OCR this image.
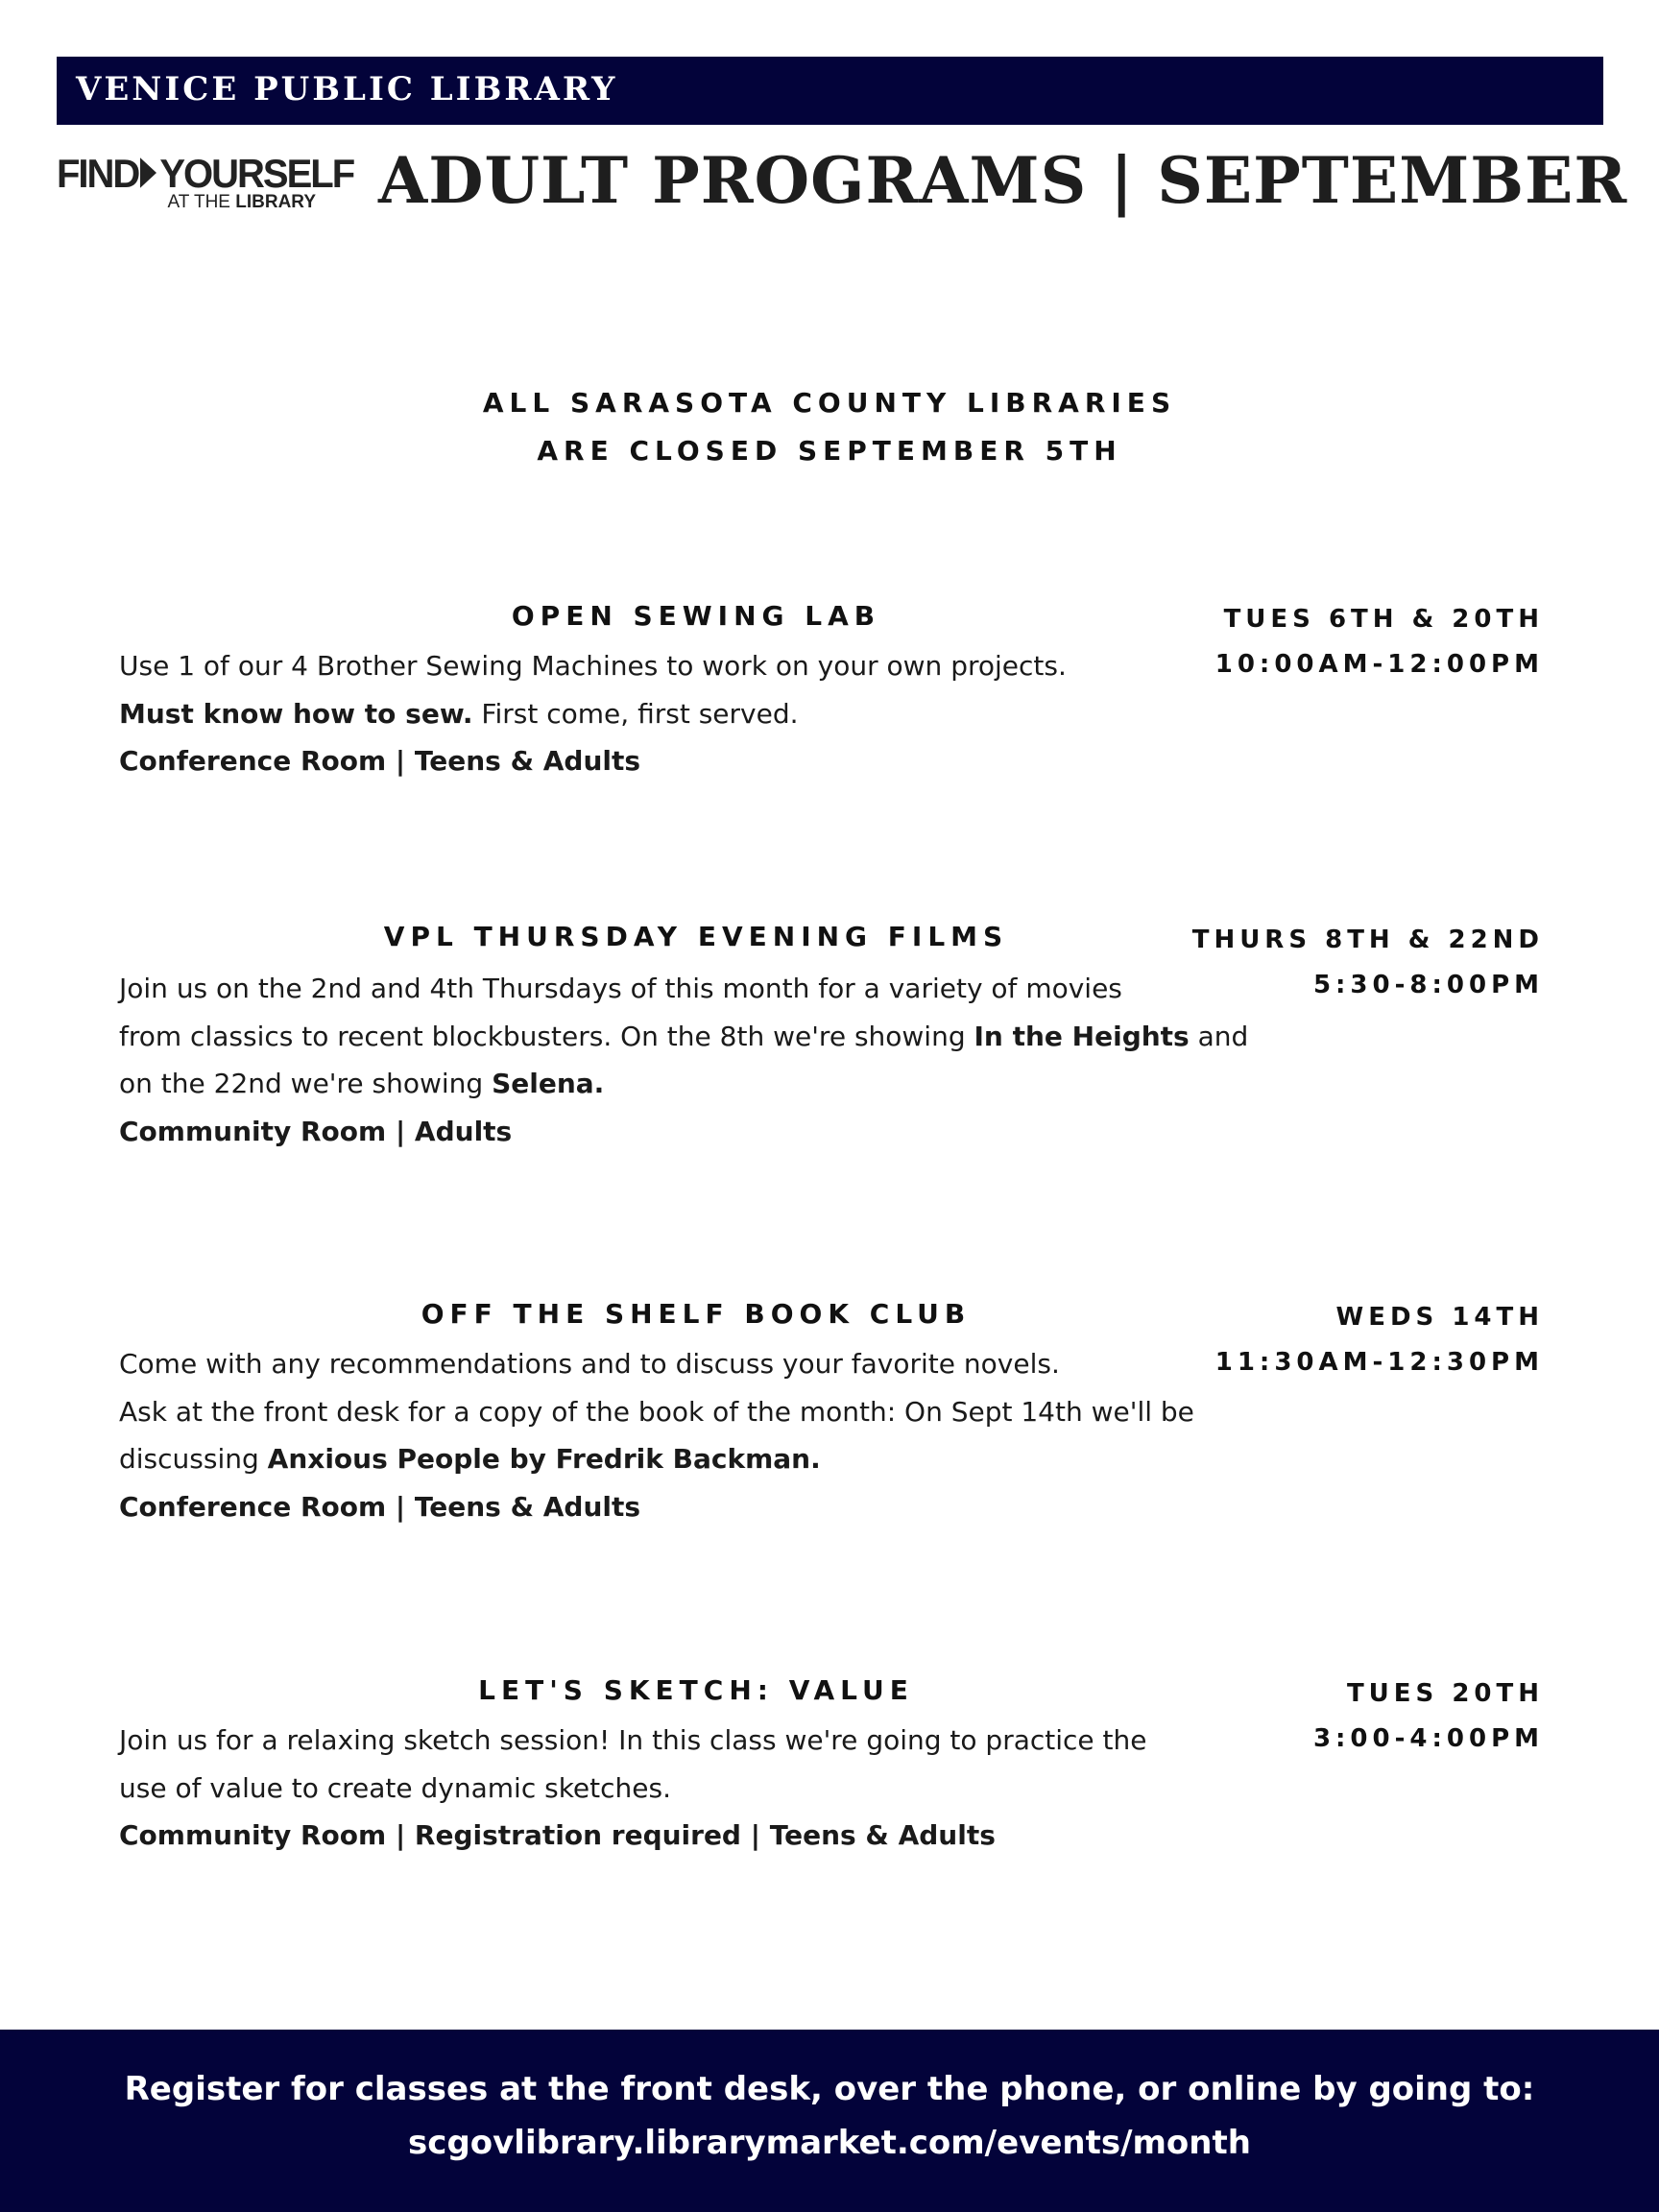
VENICE PUBLIC LIBRARY
FIND YOURSELF
AT THE LIBRARY ADULT PROGRAMS | SEPTEMBER
ALL SARASOTA COUNTY LIBRARIES
ARE CLOSED SEPTEMBER 5TH
OPEN SEWING LAB	TUES 6TH & 20TH
10:00AM-12:00PM
Use 1 of our 4 Brother Sewing Machines to work on your own projects.
Must know how to sew. First come, first served.
Conference Room | Teens & Adults
VPL THURSDAY EVENING FILMS	THURS 8TH & 22ND
5:30-8:00PM
Join us on the 2nd and 4th Thursdays of this month for a variety of movies
from classics to recent blockbusters. On the 8th we're showing In the Heights and
on the 22nd we're showing Selena.
Community Room | Adults
OFF THE SHELF BOOK CLUB	WEDS 14TH
11:30AM-12:30PM
Come with any recommendations and to discuss your favorite novels.
Ask at the front desk for a copy of the book of the month: On Sept 14th we'll be
discussing Anxious People by Fredrik Backman.
Conference Room | Teens & Adults
LET'S SKETCH: VALUE	TUES 20TH
3:00-4:00PM
Join us for a relaxing sketch session! In this class we're going to practice the
use of value to create dynamic sketches.
Community Room | Registration required | Teens & Adults
Register for classes at the front desk, over the phone, or online by going to:
scgovlibrary.librarymarket.com/events/month
